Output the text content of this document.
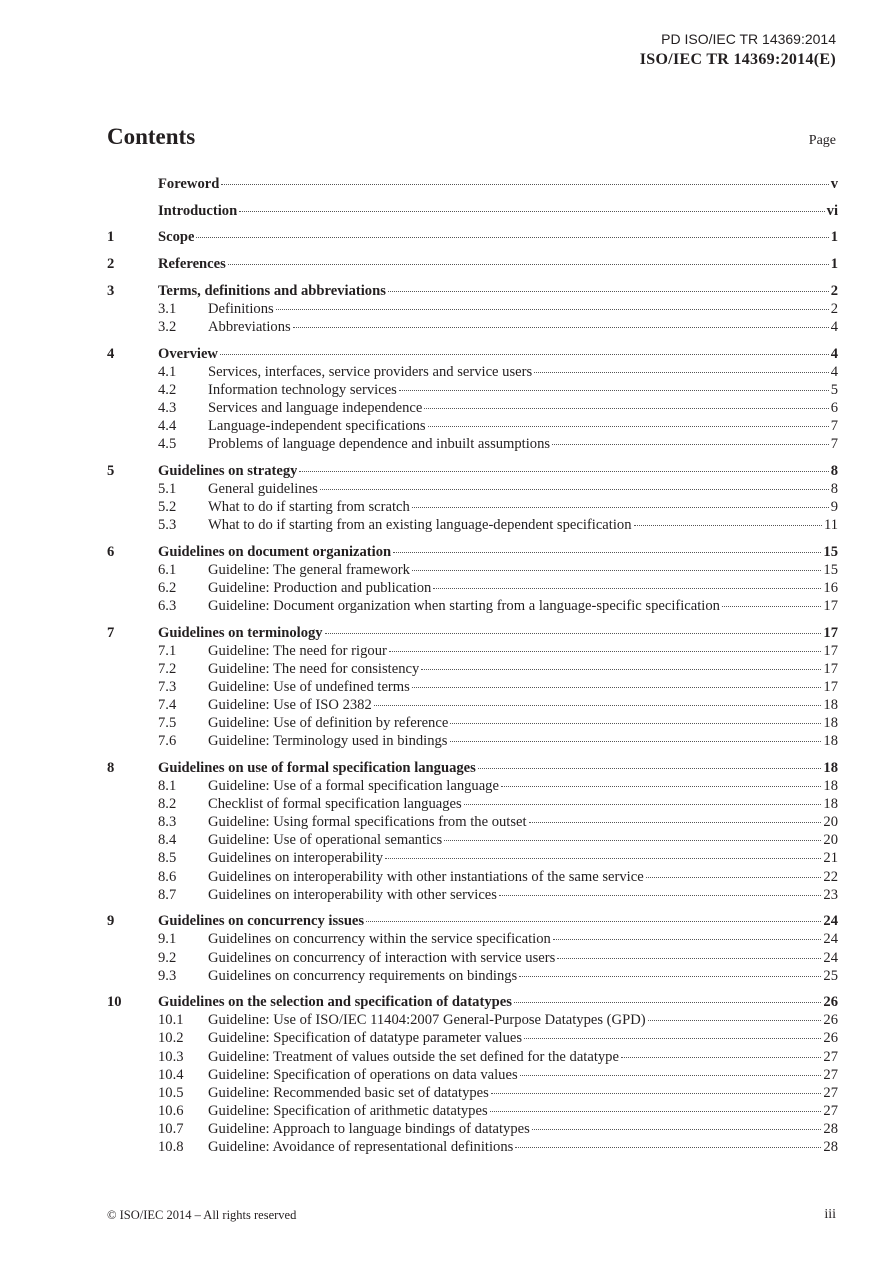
PD ISO/IEC TR 14369:2014
ISO/IEC TR 14369:2014(E)
Contents	Page
Foreword	v
Introduction	vi
1	Scope	1
2	References	1
3	Terms, definitions and abbreviations	2
3.1	Definitions	2
3.2	Abbreviations	4
4	Overview	4
4.1	Services, interfaces, service providers and service users	4
4.2	Information technology services	5
4.3	Services and language independence	6
4.4	Language-independent specifications	7
4.5	Problems of language dependence and inbuilt assumptions	7
5	Guidelines on strategy	8
5.1	General guidelines	8
5.2	What to do if starting from scratch	9
5.3	What to do if starting from an existing language-dependent specification	11
6	Guidelines on document organization	15
6.1	Guideline: The general framework	15
6.2	Guideline: Production and publication	16
6.3	Guideline: Document organization when starting from a language-specific specification	17
7	Guidelines on terminology	17
7.1	Guideline: The need for rigour	17
7.2	Guideline: The need for consistency	17
7.3	Guideline: Use of undefined terms	17
7.4	Guideline: Use of ISO 2382	18
7.5	Guideline: Use of definition by reference	18
7.6	Guideline: Terminology used in bindings	18
8	Guidelines on use of formal specification languages	18
8.1	Guideline: Use of a formal specification language	18
8.2	Checklist of formal specification languages	18
8.3	Guideline: Using formal specifications from the outset	20
8.4	Guideline: Use of operational semantics	20
8.5	Guidelines on interoperability	21
8.6	Guidelines on interoperability with other instantiations of the same service	22
8.7	Guidelines on interoperability with other services	23
9	Guidelines on concurrency issues	24
9.1	Guidelines on concurrency within the service specification	24
9.2	Guidelines on concurrency of interaction with service users	24
9.3	Guidelines on concurrency requirements on bindings	25
10	Guidelines on the selection and specification of datatypes	26
10.1	Guideline: Use of ISO/IEC 11404:2007 General-Purpose Datatypes (GPD)	26
10.2	Guideline: Specification of datatype parameter values	26
10.3	Guideline: Treatment of values outside the set defined for the datatype	27
10.4	Guideline: Specification of operations on data values	27
10.5	Guideline: Recommended basic set of datatypes	27
10.6	Guideline: Specification of arithmetic datatypes	27
10.7	Guideline: Approach to language bindings of datatypes	28
10.8	Guideline: Avoidance of representational definitions	28
© ISO/IEC 2014 – All rights reserved	iii
